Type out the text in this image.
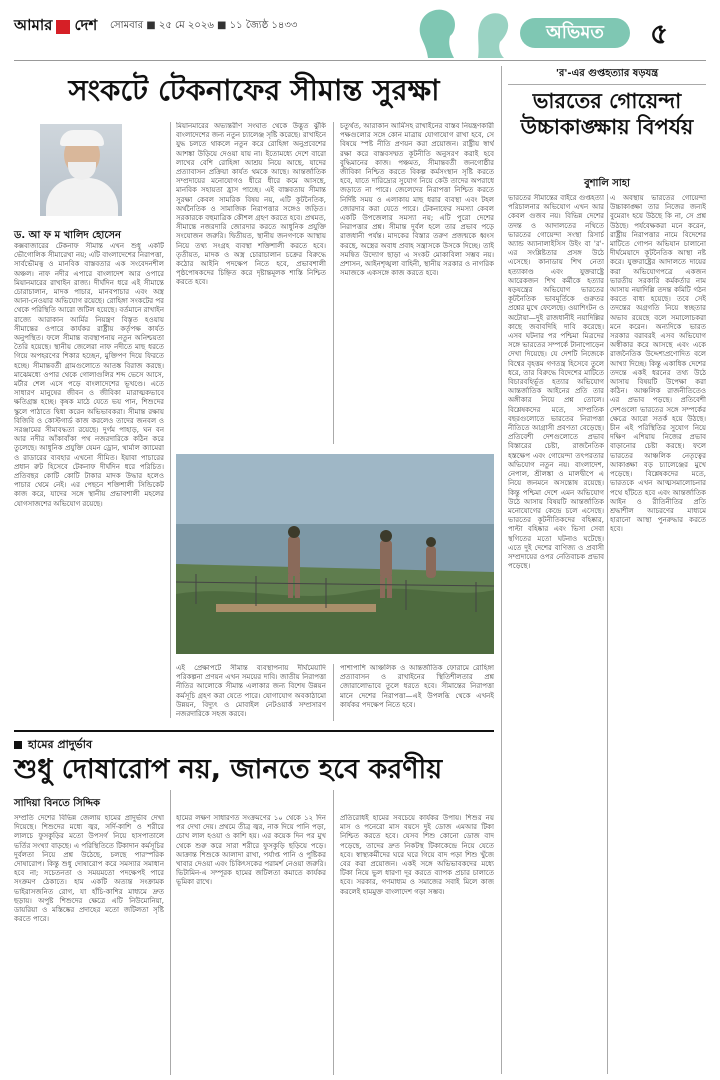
আমার দেশ সোমবার ■ ২৫ মে ২০২৬ ■ ১১ জ্যৈষ্ঠ ১৪৩৩	অভিমত ৫
সংকটে টেকনাফের সীমান্ত সুরক্ষা
ড. আ ফ ম খালিদ হোসেন

কক্সবাজারের টেকনাফ সীমান্ত এখন শুধু একটি ভৌগোলিক সীমারেখা নয়; এটি বাংলাদেশের নিরাপত্তা, সার্বভৌমত্ব ও মানবিক বাস্তবতার এক সংবেদনশীল অঞ্চল। নাফ নদীর এপারে বাংলাদেশ আর ওপারে মিয়ানমারের রাখাইন রাজ্য। দীর্ঘদিন ধরে এই সীমান্তে চোরাচালান, মাদক পাচার, মানবপাচার এবং অস্ত্র আনা-নেওয়ার অভিযোগ রয়েছে। রোহিঙ্গা সংকটের পর থেকে পরিস্থিতি আরো জটিল হয়েছে। বর্তমানে রাখাইন রাজ্যে আরাকান আর্মির নিয়ন্ত্রণ বিস্তৃত হওয়ায় সীমান্তের ওপারে কার্যকর রাষ্ট্রীয় কর্তৃপক্ষ কার্যত অনুপস্থিত। ফলে সীমান্ত ব্যবস্থাপনায় নতুন অনিশ্চয়তা তৈরি হয়েছে। স্থানীয় জেলেরা নাফ নদীতে মাছ ধরতে গিয়ে অপহরণের শিকার হচ্ছেন, মুক্তিপণ দিয়ে ফিরতে হচ্ছে। সীমান্তবর্তী গ্রামগুলোতে আতঙ্ক বিরাজ করছে। মাঝেমধ্যে ওপার থেকে গোলাগুলির শব্দ ভেসে আসে, মর্টার শেল এসে পড়ে বাংলাদেশের ভূখণ্ডে। এতে সাধারণ মানুষের জীবন ও জীবিকা মারাত্মকভাবে ক্ষতিগ্রস্ত হচ্ছে। কৃষক মাঠে যেতে ভয় পান, শিশুদের স্কুলে পাঠাতে দ্বিধা করেন অভিভাবকরা। সীমান্ত রক্ষায় বিজিবি ও কোস্টগার্ড কাজ করলেও তাদের জনবল ও সরঞ্জামের সীমাবদ্ধতা রয়েছে। দুর্গম পাহাড়, ঘন বন আর নদীর আঁকাবাঁকা পথ নজরদারিকে কঠিন করে তুলেছে। আধুনিক প্রযুক্তি যেমন ড্রোন, থার্মাল ক্যামেরা ও রাডারের ব্যবহার এখনো সীমিত। ইয়াবা পাচারের প্রধান রুট হিসেবে টেকনাফ দীর্ঘদিন ধরে পরিচিত। প্রতিবছর কোটি কোটি টাকার মাদক উদ্ধার হলেও পাচার থেমে নেই। এর পেছনে শক্তিশালী সিন্ডিকেট কাজ করে, যাদের সঙ্গে স্থানীয় প্রভাবশালী মহলের যোগসাজশের অভিযোগ রয়েছে।

মিয়ানমারের অভ্যন্তরীণ সংঘাত থেকে উদ্ভূত ঝুঁকি বাংলাদেশের জন্য নতুন চ্যালেঞ্জ সৃষ্টি করেছে। রাখাইনে যুদ্ধ চলতে থাকলে নতুন করে রোহিঙ্গা অনুপ্রবেশের আশঙ্কা উড়িয়ে দেওয়া যায় না। ইতোমধ্যে দেশে বারো লাখের বেশি রোহিঙ্গা আশ্রয় নিয়ে আছে, যাদের প্রত্যাবাসন প্রক্রিয়া কার্যত থমকে আছে। আন্তর্জাতিক সম্প্রদায়ের মনোযোগও ধীরে ধীরে কমে আসছে, মানবিক সহায়তা হ্রাস পাচ্ছে। এই বাস্তবতায় সীমান্ত সুরক্ষা কেবল সামরিক বিষয় নয়, এটি কূটনৈতিক, অর্থনৈতিক ও সামাজিক নিরাপত্তার সঙ্গেও জড়িত। সরকারকে বহুমাত্রিক কৌশল গ্রহণ করতে হবে। প্রথমত, সীমান্তে নজরদারি জোরদার করতে আধুনিক প্রযুক্তি সংযোজন জরুরি। দ্বিতীয়ত, স্থানীয় জনগণকে আস্থায় নিয়ে তথ্য সংগ্রহ ব্যবস্থা শক্তিশালী করতে হবে। তৃতীয়ত, মাদক ও অস্ত্র চোরাচালান চক্রের বিরুদ্ধে কঠোর আইনি পদক্ষেপ নিতে হবে, প্রভাবশালী পৃষ্ঠপোষকদের চিহ্নিত করে দৃষ্টান্তমূলক শাস্তি নিশ্চিত করতে হবে।

চতুর্থত, আরাকান আর্মিসহ রাখাইনের বাস্তব নিয়ন্ত্রণকারী পক্ষগুলোর সঙ্গে কোন মাত্রায় যোগাযোগ রাখা হবে, সে বিষয়ে স্পষ্ট নীতি প্রণয়ন করা প্রয়োজন। রাষ্ট্রীয় স্বার্থ রক্ষা করে বাস্তবসম্মত কূটনীতি অনুসরণ করাই হবে বুদ্ধিমানের কাজ। পঞ্চমত, সীমান্তবর্তী জনগোষ্ঠীর জীবিকা নিশ্চিত করতে বিকল্প কর্মসংস্থান সৃষ্টি করতে হবে, যাতে দারিদ্র্যের সুযোগ নিয়ে কেউ তাদের অপরাধে জড়াতে না পারে। জেলেদের নিরাপত্তা নিশ্চিত করতে নির্দিষ্ট সময় ও এলাকায় মাছ ধরার ব্যবস্থা এবং টহল জোরদার করা যেতে পারে। টেকনাফের সমস্যা কেবল একটি উপজেলার সমস্যা নয়; এটি পুরো দেশের নিরাপত্তার প্রশ্ন। সীমান্ত দুর্বল হলে তার প্রভাব পড়ে রাজধানী পর্যন্ত। মাদকের বিস্তার তরুণ প্রজন্মকে ধ্বংস করছে, অস্ত্রের অবাধ প্রবাহ সন্ত্রাসকে উসকে দিচ্ছে। তাই সমন্বিত উদ্যোগ ছাড়া এ সংকট মোকাবিলা সম্ভব নয়। প্রশাসন, আইনশৃঙ্খলা বাহিনী, স্থানীয় সরকার ও নাগরিক সমাজকে একসঙ্গে কাজ করতে হবে।

এই প্রেক্ষাপটে সীমান্ত ব্যবস্থাপনায় দীর্ঘমেয়াদি পরিকল্পনা প্রণয়ন এখন সময়ের দাবি। জাতীয় নিরাপত্তা নীতির আলোকে সীমান্ত এলাকার জন্য বিশেষ উন্নয়ন কর্মসূচি গ্রহণ করা যেতে পারে। যোগাযোগ অবকাঠামো উন্নয়ন, বিদ্যুৎ ও মোবাইল নেটওয়ার্ক সম্প্রসারণ নজরদারিকে সহজ করবে।

পাশাপাশি আঞ্চলিক ও আন্তর্জাতিক ফোরামে রোহিঙ্গা প্রত্যাবাসন ও রাখাইনের স্থিতিশীলতার প্রশ্ন জোরালোভাবে তুলে ধরতে হবে। সীমান্তের নিরাপত্তা মানে দেশের নিরাপত্তা—এই উপলব্ধি থেকে এখনই কার্যকর পদক্ষেপ নিতে হবে।

'র'-এর গুপ্তহত্যার ষড়যন্ত্র
ভারতের গোয়েন্দা উচ্চাকাঙ্ক্ষায় বিপর্যয়
বুশালি সাহা

ভারতের সীমান্তের বাইরে গুপ্তহত্যা পরিচালনার অভিযোগ এখন আর কেবল গুজব নয়। বিভিন্ন দেশের তদন্ত ও আদালতের নথিতে ভারতের গোয়েন্দা সংস্থা রিসার্চ অ্যান্ড অ্যানালাইসিস উইং বা 'র'-এর সংশ্লিষ্টতার প্রসঙ্গ উঠে এসেছে। কানাডায় শিখ নেতা হত্যাকাণ্ড এবং যুক্তরাষ্ট্রে আরেকজন শিখ কর্মীকে হত্যার ষড়যন্ত্রের অভিযোগ ভারতের কূটনৈতিক ভাবমূর্তিকে গুরুতর প্রশ্নের মুখে ফেলেছে। ওয়াশিংটন ও অটোয়া—দুই রাজধানীই নয়াদিল্লির কাছে জবাবদিহি দাবি করেছে। এসব ঘটনার পর পশ্চিমা মিত্রদের সঙ্গে ভারতের সম্পর্কে টানাপোড়েন দেখা দিয়েছে। যে দেশটি নিজেকে বিশ্বের বৃহত্তম গণতন্ত্র হিসেবে তুলে ধরে, তার বিরুদ্ধে বিদেশের মাটিতে বিচারবহির্ভূত হত্যার অভিযোগ আন্তর্জাতিক আইনের প্রতি তার অঙ্গীকার নিয়ে প্রশ্ন তোলে। বিশ্লেষকদের মতে, সাম্প্রতিক বছরগুলোতে ভারতের নিরাপত্তা নীতিতে আগ্রাসী প্রবণতা বেড়েছে। প্রতিবেশী দেশগুলোতে প্রভাব বিস্তারের চেষ্টা, রাজনৈতিক হস্তক্ষেপ এবং গোয়েন্দা তৎপরতার অভিযোগ নতুন নয়। বাংলাদেশ, নেপাল, শ্রীলঙ্কা ও মালদ্বীপে এ নিয়ে জনমনে অসন্তোষ রয়েছে। কিন্তু পশ্চিমা দেশে এমন অভিযোগ উঠে আসায় বিষয়টি আন্তর্জাতিক মনোযোগের কেন্দ্রে চলে এসেছে। ভারতের কূটনীতিকদের বহিষ্কার, পাল্টা বহিষ্কার এবং ভিসা সেবা স্থগিতের মতো ঘটনাও ঘটেছে। এতে দুই দেশের বাণিজ্য ও প্রবাসী সম্প্রদায়ের ওপর নেতিবাচক প্রভাব পড়েছে।

এ অবস্থায় ভারতের গোয়েন্দা উচ্চাকাঙ্ক্ষা তার নিজের জন্যই বুমেরাং হয়ে উঠছে কি না, সে প্রশ্ন উঠছে। পর্যবেক্ষকরা মনে করেন, রাষ্ট্রীয় নিরাপত্তার নামে বিদেশের মাটিতে গোপন অভিযান চালানো দীর্ঘমেয়াদে কূটনৈতিক আস্থা নষ্ট করে। যুক্তরাষ্ট্রের আদালতে দায়ের করা অভিযোগপত্রে একজন ভারতীয় সরকারি কর্মকর্তার নাম আসায় নয়াদিল্লি তদন্ত কমিটি গঠন করতে বাধ্য হয়েছে। তবে সেই তদন্তের অগ্রগতি নিয়ে স্বচ্ছতার অভাব রয়েছে বলে সমালোচকরা মনে করেন। অন্যদিকে ভারত সরকার বরাবরই এসব অভিযোগ অস্বীকার করে আসছে এবং একে রাজনৈতিক উদ্দেশ্যপ্রণোদিত বলে আখ্যা দিচ্ছে। কিন্তু একাধিক দেশের তদন্তে একই ধরনের তথ্য উঠে আসায় বিষয়টি উপেক্ষা করা কঠিন। আঞ্চলিক রাজনীতিতেও এর প্রভাব পড়ছে। প্রতিবেশী দেশগুলো ভারতের সঙ্গে সম্পর্কের ক্ষেত্রে আরো সতর্ক হয়ে উঠছে। চীন এই পরিস্থিতির সুযোগ নিয়ে দক্ষিণ এশিয়ায় নিজের প্রভাব বাড়ানোর চেষ্টা করছে। ফলে ভারতের আঞ্চলিক নেতৃত্বের আকাঙ্ক্ষা বড় চ্যালেঞ্জের মুখে পড়েছে। বিশ্লেষকদের মতে, ভারতকে এখন আত্মসমালোচনার পথে হাঁটতে হবে এবং আন্তর্জাতিক আইন ও রীতিনীতির প্রতি শ্রদ্ধাশীল আচরণের মাধ্যমে হারানো আস্থা পুনরুদ্ধার করতে হবে।

হামের প্রাদুর্ভাব
শুধু দোষারোপ নয়, জানতে হবে করণীয়
সাদিয়া বিনতে সিদ্দিক

সম্প্রতি দেশের বিভিন্ন জেলায় হামের প্রাদুর্ভাব দেখা দিয়েছে। শিশুদের মধ্যে জ্বর, সর্দি-কাশি ও শরীরে লালচে ফুসকুড়ির মতো উপসর্গ নিয়ে হাসপাতালে ভর্তির সংখ্যা বাড়ছে। এ পরিস্থিতিতে টিকাদান কর্মসূচির দুর্বলতা নিয়ে প্রশ্ন উঠেছে, চলছে পারস্পরিক দোষারোপ। কিন্তু শুধু দোষারোপ করে সমস্যার সমাধান হবে না; সচেতনতা ও সময়মতো পদক্ষেপই পারে সংক্রমণ ঠেকাতে। হাম একটি অত্যন্ত সংক্রামক ভাইরাসজনিত রোগ, যা হাঁচি-কাশির মাধ্যমে দ্রুত ছড়ায়। অপুষ্ট শিশুদের ক্ষেত্রে এটি নিউমোনিয়া, ডায়রিয়া ও মস্তিষ্কের প্রদাহের মতো জটিলতা সৃষ্টি করতে পারে।

হামের লক্ষণ সাধারণত সংক্রমণের ১০ থেকে ১২ দিন পর দেখা দেয়। প্রথমে তীব্র জ্বর, নাক দিয়ে পানি পড়া, চোখ লাল হওয়া ও কাশি হয়। এর কয়েক দিন পর মুখ থেকে শুরু করে সারা শরীরে ফুসকুড়ি ছড়িয়ে পড়ে। আক্রান্ত শিশুকে আলাদা রাখা, পর্যাপ্ত পানি ও পুষ্টিকর খাবার দেওয়া এবং চিকিৎসকের পরামর্শ নেওয়া জরুরি। ভিটামিন-এ সম্পূরক হামের জটিলতা কমাতে কার্যকর ভূমিকা রাখে।

প্রতিরোধই হামের সবচেয়ে কার্যকর উপায়। শিশুর নয় মাস ও পনেরো মাস বয়সে দুই ডোজ এমআর টিকা নিশ্চিত করতে হবে। যেসব শিশু কোনো ডোজ বাদ পড়েছে, তাদের দ্রুত নিকটস্থ টিকাকেন্দ্রে নিয়ে যেতে হবে। স্বাস্থ্যকর্মীদের ঘরে ঘরে গিয়ে বাদ পড়া শিশু খুঁজে বের করা প্রয়োজন। একই সঙ্গে অভিভাবকদের মধ্যে টিকা নিয়ে ভুল ধারণা দূর করতে ব্যাপক প্রচার চালাতে হবে। সরকার, গণমাধ্যম ও সমাজের সবাই মিলে কাজ করলেই হামমুক্ত বাংলাদেশ গড়া সম্ভব।
